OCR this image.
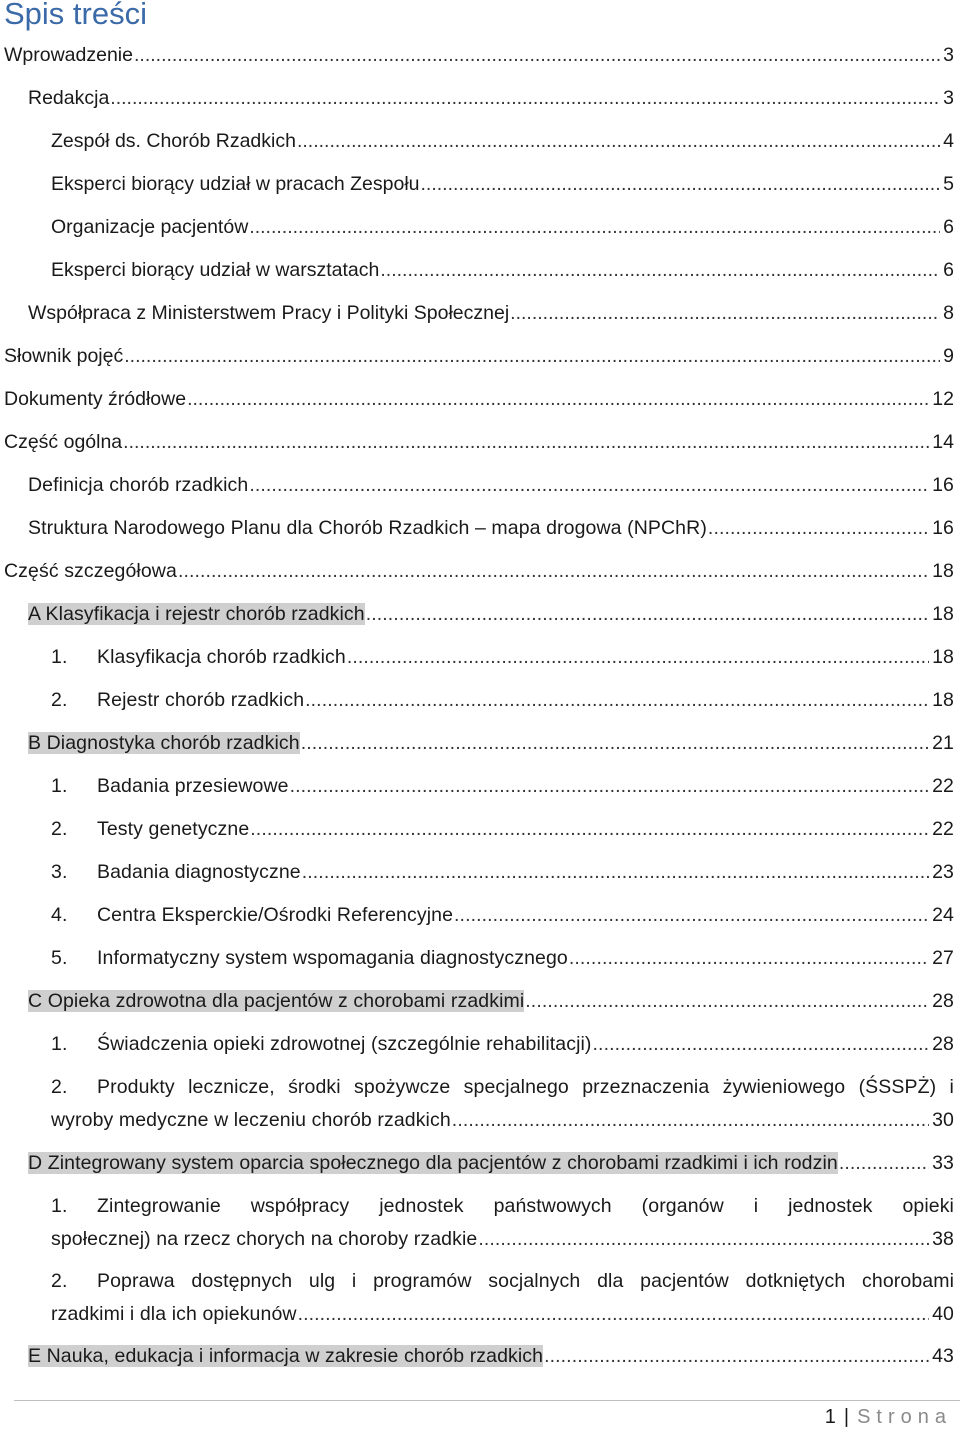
Spis treści
Wprowadzenie .....	3
Redakcja .....	3
Zespół ds. Chorób Rzadkich .....	4
Eksperci biorący udział w pracach Zespołu .....	5
Organizacje pacjentów .....	6
Eksperci biorący udział w warsztatach .....	6
Współpraca z Ministerstwem Pracy i Polityki Społecznej .....	8
Słownik pojęć .....	9
Dokumenty źródłowe .....	12
Część ogólna .....	14
Definicja chorób rzadkich .....	16
Struktura Narodowego Planu dla Chorób Rzadkich – mapa drogowa (NPChR) .....	16
Część szczegółowa .....	18
A Klasyfikacja i rejestr chorób rzadkich .....	18
1. Klasyfikacja chorób rzadkich .....	18
2. Rejestr chorób rzadkich .....	18
B Diagnostyka chorób rzadkich .....	21
1. Badania przesiewowe .....	22
2. Testy genetyczne .....	22
3. Badania diagnostyczne .....	23
4. Centra Eksperckie/Ośrodki Referencyjne .....	24
5. Informatyczny system wspomagania diagnostycznego .....	27
C Opieka zdrowotna dla pacjentów z chorobami rzadkimi .....	28
1. Świadczenia opieki zdrowotnej (szczególnie rehabilitacji) .....	28
2.	Produkty lecznicze, środki spożywcze specjalnego przeznaczenia żywieniowego (ŚSSPŻ) i
wyroby medyczne w leczeniu chorób rzadkich .....	30
D Zintegrowany system oparcia społecznego dla pacjentów z chorobami rzadkimi i ich rodzin .....	33
1.	Zintegrowanie współpracy jednostek państwowych (organów i jednostek opieki
społecznej) na rzecz chorych na choroby rzadkie .....	38
2.	Poprawa dostępnych ulg i programów socjalnych dla pacjentów dotkniętych chorobami
rzadkimi i dla ich opiekunów .....	40
E Nauka, edukacja i informacja w zakresie chorób rzadkich .....	43
1 | Strona
